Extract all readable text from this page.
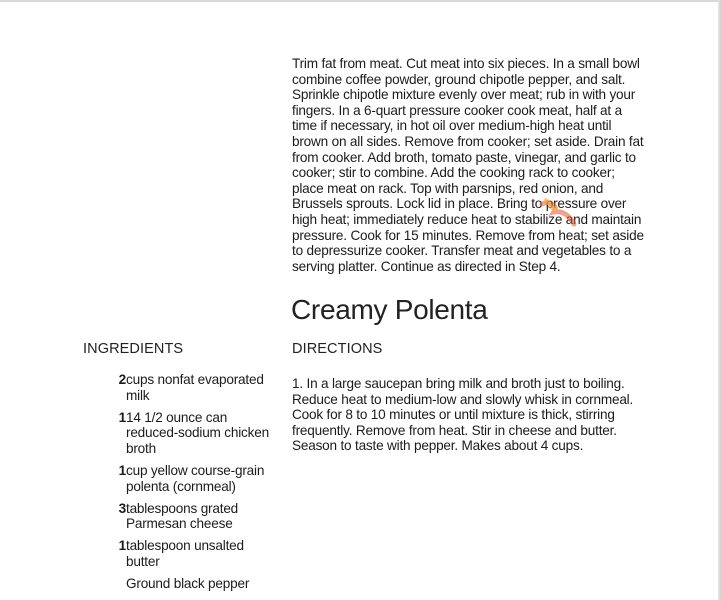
Trim fat from meat. Cut meat into six pieces. In a small bowl combine coffee powder, ground chipotle pepper, and salt. Sprinkle chipotle mixture evenly over meat; rub in with your fingers. In a 6-quart pressure cooker cook meat, half at a time if necessary, in hot oil over medium-high heat until brown on all sides. Remove from cooker; set aside. Drain fat from cooker. Add broth, tomato paste, vinegar, and garlic to cooker; stir to combine. Add the cooking rack to cooker; place meat on rack. Top with parsnips, red onion, and Brussels sprouts. Lock lid in place. Bring to pressure over high heat; immediately reduce heat to stabilize and maintain pressure. Cook for 15 minutes. Remove from heat; set aside to depressurize cooker. Transfer meat and vegetables to a serving platter. Continue as directed in Step 4.

Creamy Polenta
INGREDIENTS	DIRECTIONS
2 cups nonfat evaporated milk
1 14 1/2 ounce can reduced-sodium chicken broth
1 cup yellow course-grain polenta (cornmeal)
3 tablespoons grated Parmesan cheese
1 tablespoon unsalted butter
Ground black pepper

1. In a large saucepan bring milk and broth just to boiling. Reduce heat to medium-low and slowly whisk in cornmeal. Cook for 8 to 10 minutes or until mixture is thick, stirring frequently. Remove from heat. Stir in cheese and butter. Season to taste with pepper. Makes about 4 cups.
